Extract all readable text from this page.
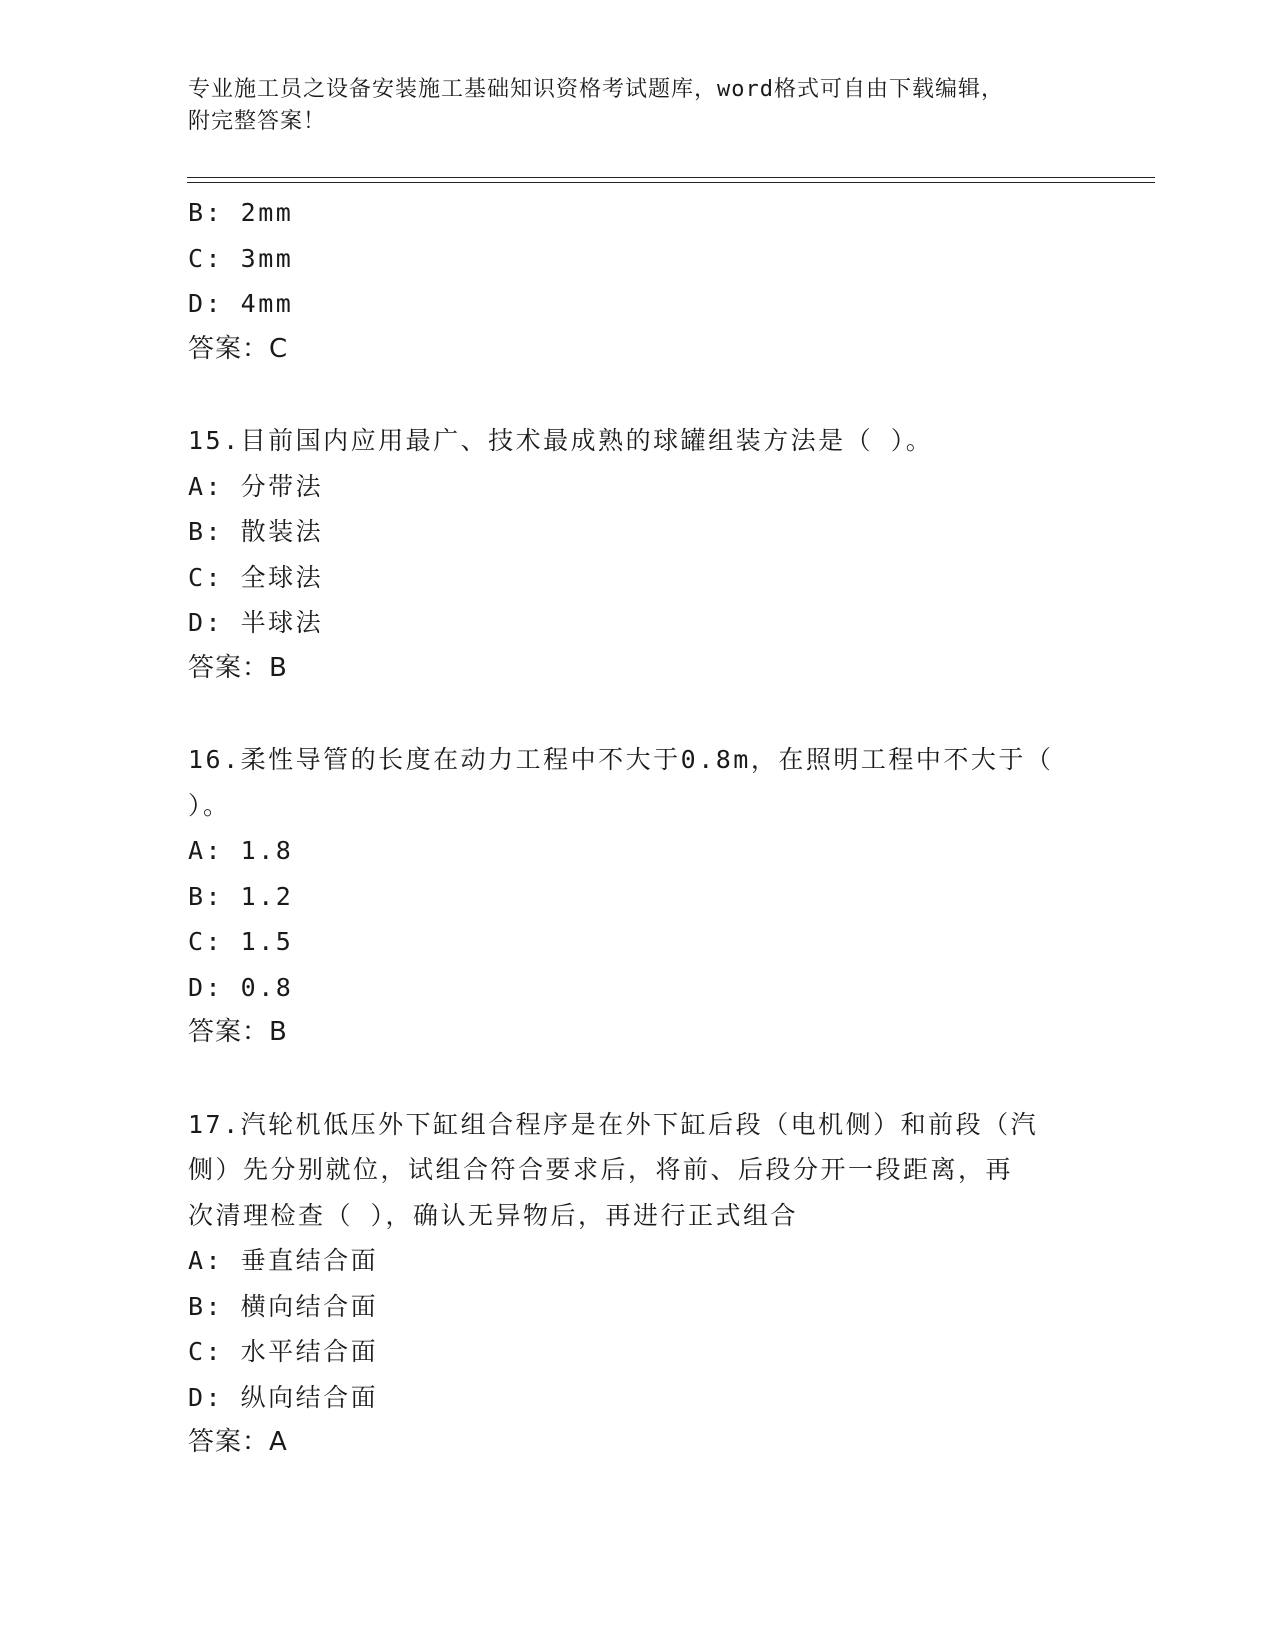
专业施工员之设备安装施工基础知识资格考试题库，word格式可自由下载编辑，
附完整答案！
B: 2mm
C: 3mm
D: 4mm
答案：C
15.目前国内应用最广、技术最成熟的球罐组装方法是（ ）。
A: 分带法
B: 散装法
C: 全球法
D: 半球法
答案：B
16.柔性导管的长度在动力工程中不大于0.8m，在照明工程中不大于（
）。
A: 1.8
B: 1.2
C: 1.5
D: 0.8
答案：B
17.汽轮机低压外下缸组合程序是在外下缸后段（电机侧）和前段（汽
侧）先分别就位，试组合符合要求后，将前、后段分开一段距离，再
次清理检查（ ），确认无异物后，再进行正式组合
A: 垂直结合面
B: 横向结合面
C: 水平结合面
D: 纵向结合面
答案：A
